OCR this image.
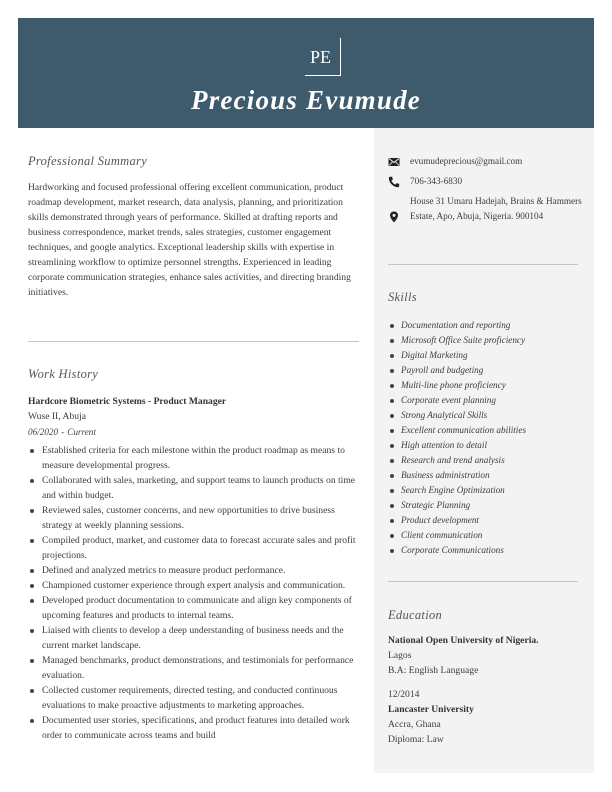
PE
Precious Evumude
Professional Summary
Hardworking and focused professional offering excellent communication, product roadmap development, market research, data analysis, planning, and prioritization skills demonstrated through years of performance. Skilled at drafting reports and business correspondence, market trends, sales strategies, customer engagement techniques, and google analytics. Exceptional leadership skills with expertise in streamlining workflow to optimize personnel strengths. Experienced in leading corporate communication strategies, enhance sales activities, and directing branding initiatives.
Work History
Hardcore Biometric Systems - Product Manager
Wuse II, Abuja
06/2020 - Current
Established criteria for each milestone within the product roadmap as means to measure developmental progress.
Collaborated with sales, marketing, and support teams to launch products on time and within budget.
Reviewed sales, customer concerns, and new opportunities to drive business strategy at weekly planning sessions.
Compiled product, market, and customer data to forecast accurate sales and profit projections.
Defined and analyzed metrics to measure product performance.
Championed customer experience through expert analysis and communication.
Developed product documentation to communicate and align key components of upcoming features and products to internal teams.
Liaised with clients to develop a deep understanding of business needs and the current market landscape.
Managed benchmarks, product demonstrations, and testimonials for performance evaluation.
Collected customer requirements, directed testing, and conducted continuous evaluations to make proactive adjustments to marketing approaches.
Documented user stories, specifications, and product features into detailed work order to communicate across teams and build
evumudeprecious@gmail.com
706-343-6830
House 31 Umaru Hadejah, Brains & Hammers Estate, Apo, Abuja, Nigeria. 900104
Skills
Documentation and reporting
Microsoft Office Suite proficiency
Digital Marketing
Payroll and budgeting
Multi-line phone proficiency
Corporate event planning
Strong Analytical Skills
Excellent communication abilities
High attention to detail
Research and trend analysis
Business administration
Search Engine Optimization
Strategic Planning
Product development
Client communication
Corporate Communications
Education
National Open University of Nigeria.
Lagos
B.A: English Language
12/2014
Lancaster University
Accra, Ghana
Diploma: Law
